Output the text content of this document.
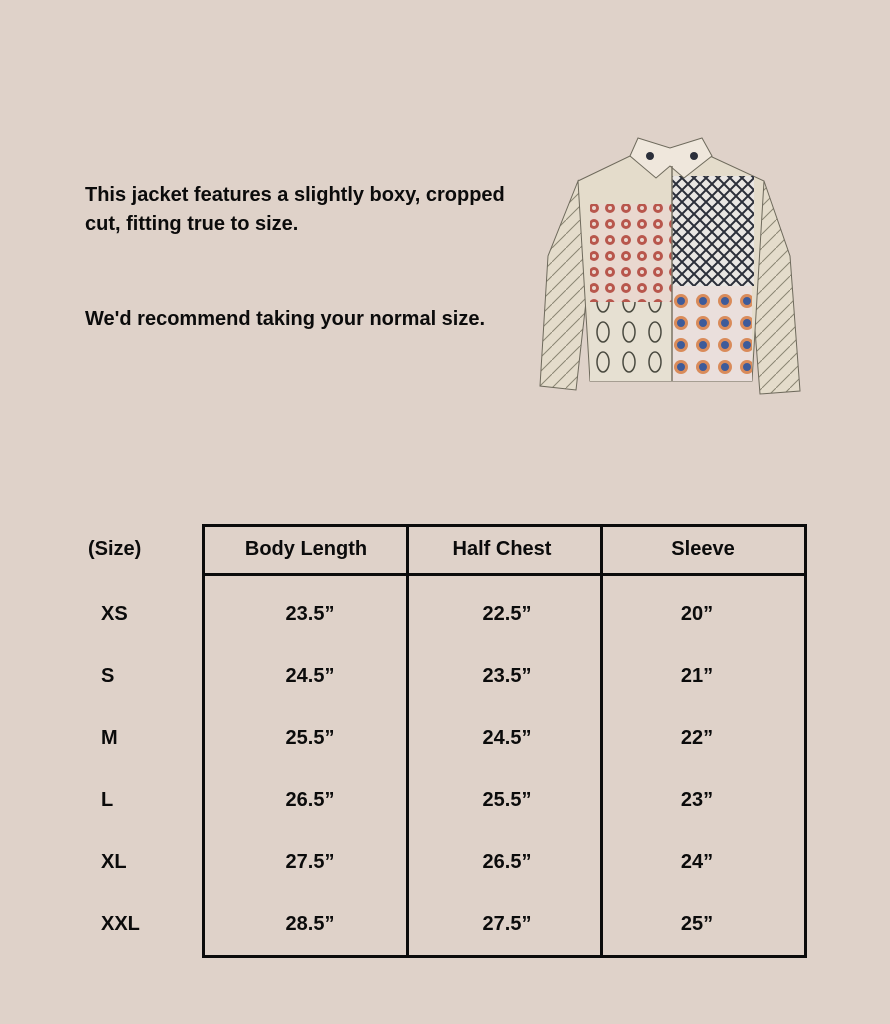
This jacket features a slightly boxy, cropped cut, fitting true to size.

We'd recommend taking your normal size.

(Size)	Body Length	Half Chest	Sleeve
XS	23.5”	22.5”	20”
S	24.5”	23.5”	21”
M	25.5”	24.5”	22”
L	26.5”	25.5”	23”
XL	27.5”	26.5”	24”
XXL	28.5”	27.5”	25”
